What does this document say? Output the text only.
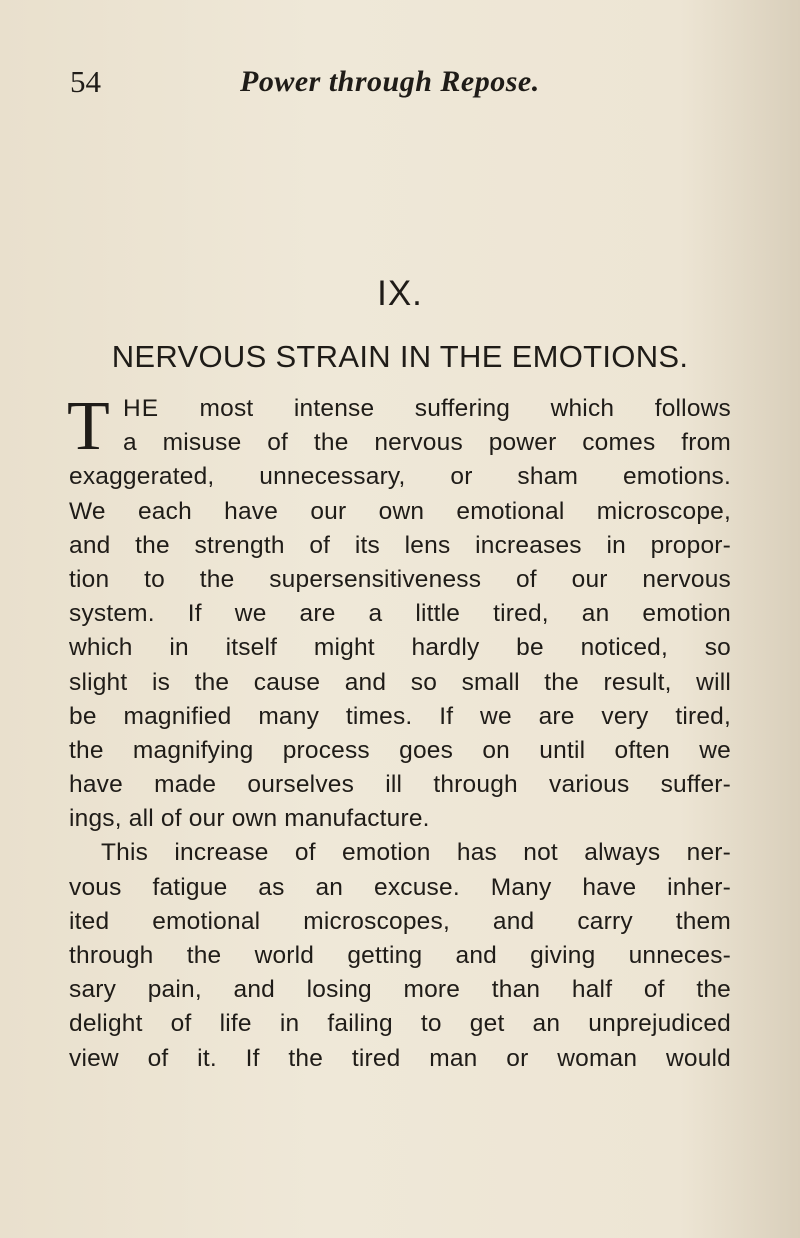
54	Power through Repose.
IX.
NERVOUS STRAIN IN THE EMOTIONS.
T HE most intense suffering which follows
a misuse of the nervous power comes from
exaggerated, unnecessary, or sham emotions.
We each have our own emotional microscope,
and the strength of its lens increases in propor-
tion to the supersensitiveness of our nervous
system. If we are a little tired, an emotion
which in itself might hardly be noticed, so
slight is the cause and so small the result, will
be magnified many times. If we are very tired,
the magnifying process goes on until often we
have made ourselves ill through various suffer-
ings, all of our own manufacture.
This increase of emotion has not always ner-
vous fatigue as an excuse. Many have inher-
ited emotional microscopes, and carry them
through the world getting and giving unneces-
sary pain, and losing more than half of the
delight of life in failing to get an unprejudiced
view of it. If the tired man or woman would
